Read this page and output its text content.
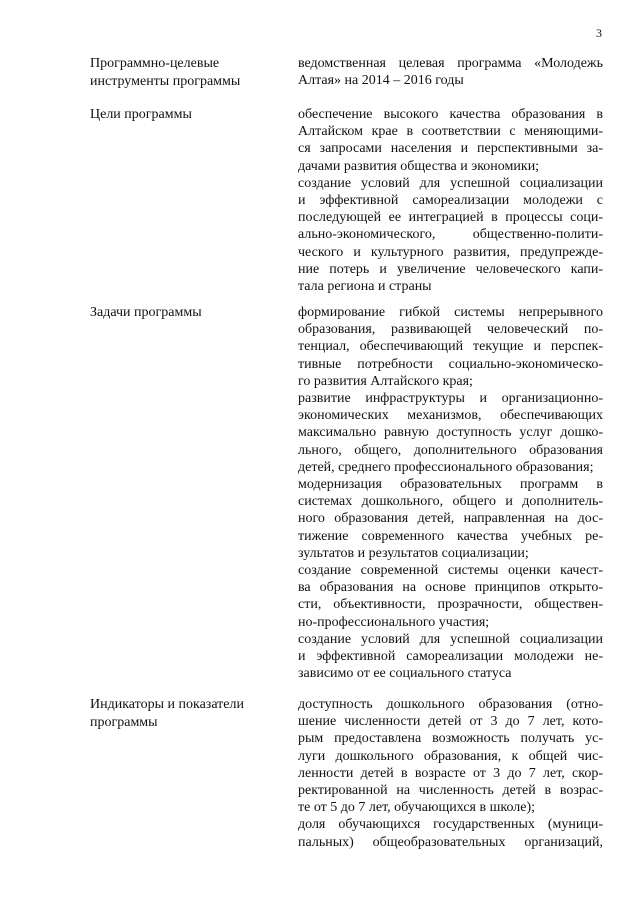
3
Программно-целевые
инструменты программы
ведомственная целевая программа «Молодежь
Алтая» на 2014 – 2016 годы
Цели программы	обеспечение высокого качества образования в
Алтайском крае в соответствии с меняющими-
ся запросами населения и перспективными за-
дачами развития общества и экономики;
создание условий для успешной социализации
и эффективной самореализации молодежи с
последующей ее интеграцией в процессы соци-
ально-экономического, общественно-полити-
ческого и культурного развития, предупрежде-
ние потерь и увеличение человеческого капи-
тала региона и страны
Задачи программы	формирование гибкой системы непрерывного
образования, развивающей человеческий по-
тенциал, обеспечивающий текущие и перспек-
тивные потребности социально-экономическо-
го развития Алтайского края;
развитие инфраструктуры и организационно-
экономических механизмов, обеспечивающих
максимально равную доступность услуг дошко-
льного, общего, дополнительного образования
детей, среднего профессионального образования;
модернизация образовательных программ в
системах дошкольного, общего и дополнитель-
ного образования детей, направленная на дос-
тижение современного качества учебных ре-
зультатов и результатов социализации;
создание современной системы оценки качест-
ва образования на основе принципов открыто-
сти, объективности, прозрачности, обществен-
но-профессионального участия;
создание условий для успешной социализации
и эффективной самореализации молодежи не-
зависимо от ее социального статуса
Индикаторы и показатели
программы
доступность дошкольного образования (отно-
шение численности детей от 3 до 7 лет, кото-
рым предоставлена возможность получать ус-
луги дошкольного образования, к общей чис-
ленности детей в возрасте от 3 до 7 лет, скор-
ректированной на численность детей в возрас-
те от 5 до 7 лет, обучающихся в школе);
доля обучающихся государственных (муници-
пальных) общеобразовательных организаций,
